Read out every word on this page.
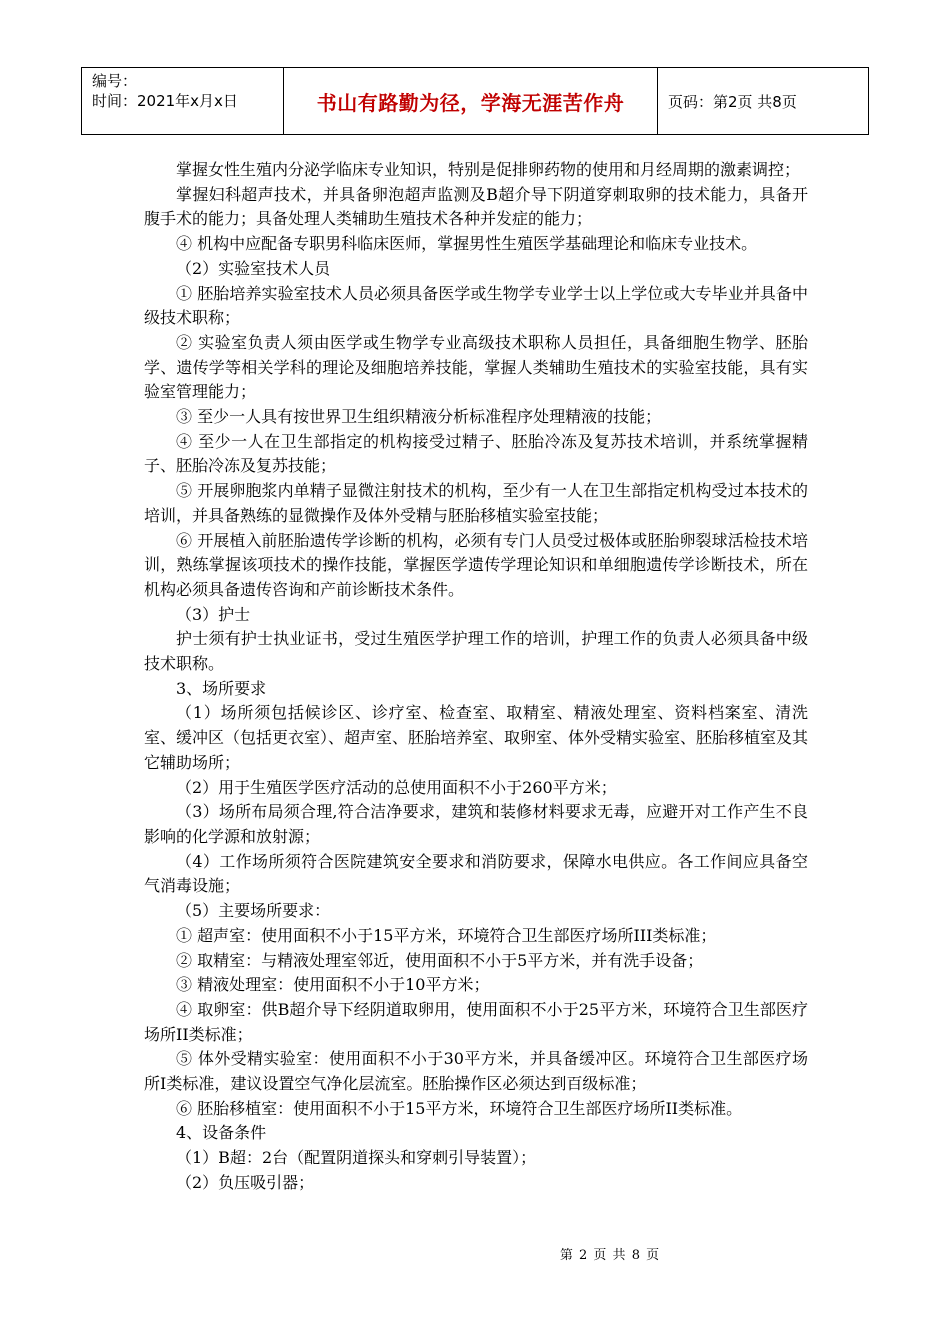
编号：
时间：2021年x月x日	书山有路勤为径，学海无涯苦作舟	页码：第2页 共8页

掌握女性生殖内分泌学临床专业知识，特别是促排卵药物的使用和月经周期的激素调控；

掌握妇科超声技术，并具备卵泡超声监测及B超介导下阴道穿刺取卵的技术能力，具备开腹手术的能力；具备处理人类辅助生殖技术各种并发症的能力；

④ 机构中应配备专职男科临床医师，掌握男性生殖医学基础理论和临床专业技术。

（2）实验室技术人员

① 胚胎培养实验室技术人员必须具备医学或生物学专业学士以上学位或大专毕业并具备中级技术职称；

② 实验室负责人须由医学或生物学专业高级技术职称人员担任，具备细胞生物学、胚胎学、遗传学等相关学科的理论及细胞培养技能，掌握人类辅助生殖技术的实验室技能，具有实验室管理能力；

③ 至少一人具有按世界卫生组织精液分析标准程序处理精液的技能；

④ 至少一人在卫生部指定的机构接受过精子、胚胎冷冻及复苏技术培训，并系统掌握精子、胚胎冷冻及复苏技能；

⑤ 开展卵胞浆内单精子显微注射技术的机构，至少有一人在卫生部指定机构受过本技术的培训，并具备熟练的显微操作及体外受精与胚胎移植实验室技能；

⑥ 开展植入前胚胎遗传学诊断的机构，必须有专门人员受过极体或胚胎卵裂球活检技术培训，熟练掌握该项技术的操作技能，掌握医学遗传学理论知识和单细胞遗传学诊断技术，所在机构必须具备遗传咨询和产前诊断技术条件。

（3）护士

护士须有护士执业证书，受过生殖医学护理工作的培训，护理工作的负责人必须具备中级技术职称。

3、场所要求

（1）场所须包括候诊区、诊疗室、检查室、取精室、精液处理室、资料档案室、清洗室、缓冲区（包括更衣室）、超声室、胚胎培养室、取卵室、体外受精实验室、胚胎移植室及其它辅助场所；

（2）用于生殖医学医疗活动的总使用面积不小于260平方米；

（3）场所布局须合理,符合洁净要求，建筑和装修材料要求无毒，应避开对工作产生不良影响的化学源和放射源；

（4）工作场所须符合医院建筑安全要求和消防要求，保障水电供应。各工作间应具备空气消毒设施；

（5）主要场所要求：

① 超声室：使用面积不小于15平方米，环境符合卫生部医疗场所III类标准；

② 取精室：与精液处理室邻近，使用面积不小于5平方米，并有洗手设备；

③ 精液处理室：使用面积不小于10平方米；

④ 取卵室：供B超介导下经阴道取卵用，使用面积不小于25平方米，环境符合卫生部医疗场所II类标准；

⑤ 体外受精实验室：使用面积不小于30平方米，并具备缓冲区。环境符合卫生部医疗场所I类标准，建议设置空气净化层流室。胚胎操作区必须达到百级标准；

⑥ 胚胎移植室：使用面积不小于15平方米，环境符合卫生部医疗场所II类标准。

4、设备条件

（1）B超：2台（配置阴道探头和穿刺引导装置）；

（2）负压吸引器；

第 2 页 共 8 页
